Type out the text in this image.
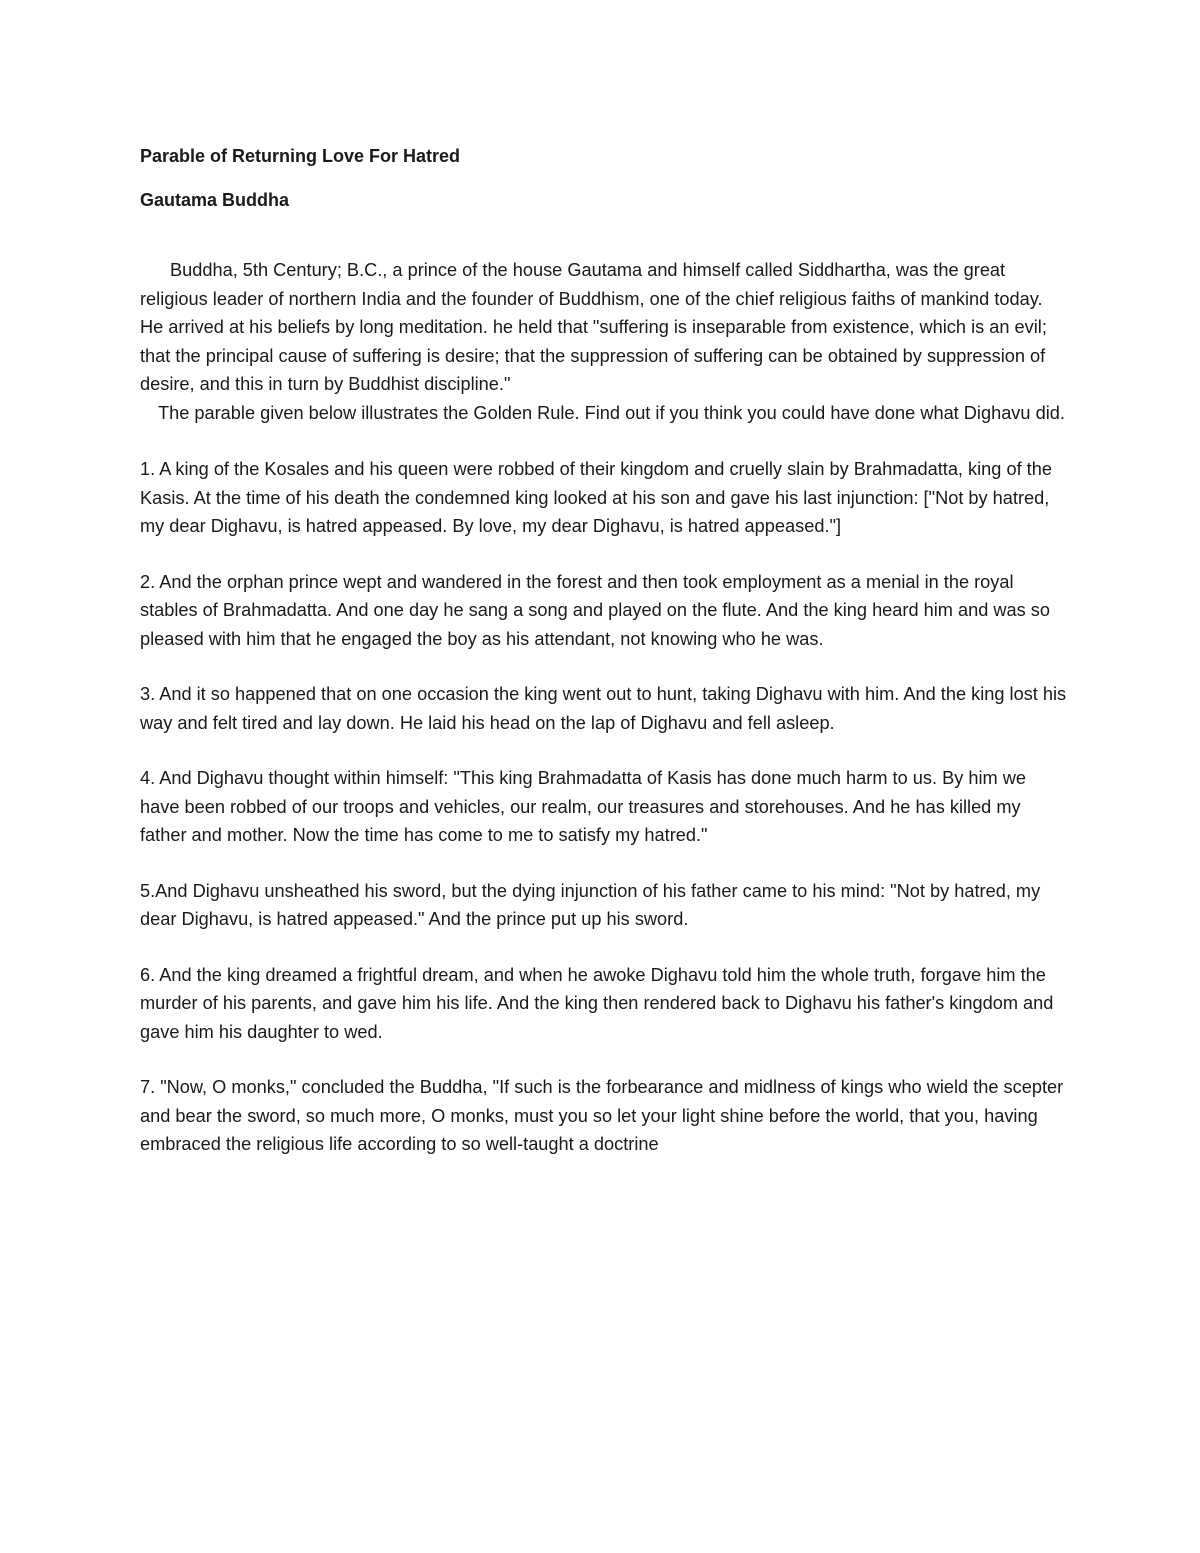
Parable of Returning Love For Hatred

Gautama Buddha

Buddha, 5th Century; B.C., a prince of the house Gautama and himself called Siddhartha, was the great religious leader of northern India and the founder of Buddhism, one of the chief religious faiths of mankind today. He arrived at his beliefs by long meditation. he held that "suffering is inseparable from existence, which is an evil; that the principal cause of suffering is desire; that the suppression of suffering can be obtained by suppression of desire, and this in turn by Buddhist discipline."

The parable given below illustrates the Golden Rule. Find out if you think you could have done what Dighavu did.

1. A king of the Kosales and his queen were robbed of their kingdom and cruelly slain by Brahmadatta, king of the Kasis. At the time of his death the condemned king looked at his son and gave his last injunction: ["Not by hatred, my dear Dighavu, is hatred appeased. By love, my dear Dighavu, is hatred appeased."]

2. And the orphan prince wept and wandered in the forest and then took employment as a menial in the royal stables of Brahmadatta. And one day he sang a song and played on the flute. And the king heard him and was so pleased with him that he engaged the boy as his attendant, not knowing who he was.

3. And it so happened that on one occasion the king went out to hunt, taking Dighavu with him. And the king lost his way and felt tired and lay down. He laid his head on the lap of Dighavu and fell asleep.

4. And Dighavu thought within himself: "This king Brahmadatta of Kasis has done much harm to us. By him we have been robbed of our troops and vehicles, our realm, our treasures and storehouses. And he has killed my father and mother. Now the time has come to me to satisfy my hatred."

5.And Dighavu unsheathed his sword, but the dying injunction of his father came to his mind: "Not by hatred, my dear Dighavu, is hatred appeased." And the prince put up his sword.

6. And the king dreamed a frightful dream, and when he awoke Dighavu told him the whole truth, forgave him the murder of his parents, and gave him his life. And the king then rendered back to Dighavu his father's kingdom and gave him his daughter to wed.

7. "Now, O monks," concluded the Buddha, "If such is the forbearance and midlness of kings who wield the scepter and bear the sword, so much more, O monks, must you so let your light shine before the world, that you, having embraced the religious life according to so well-taught a doctrine
